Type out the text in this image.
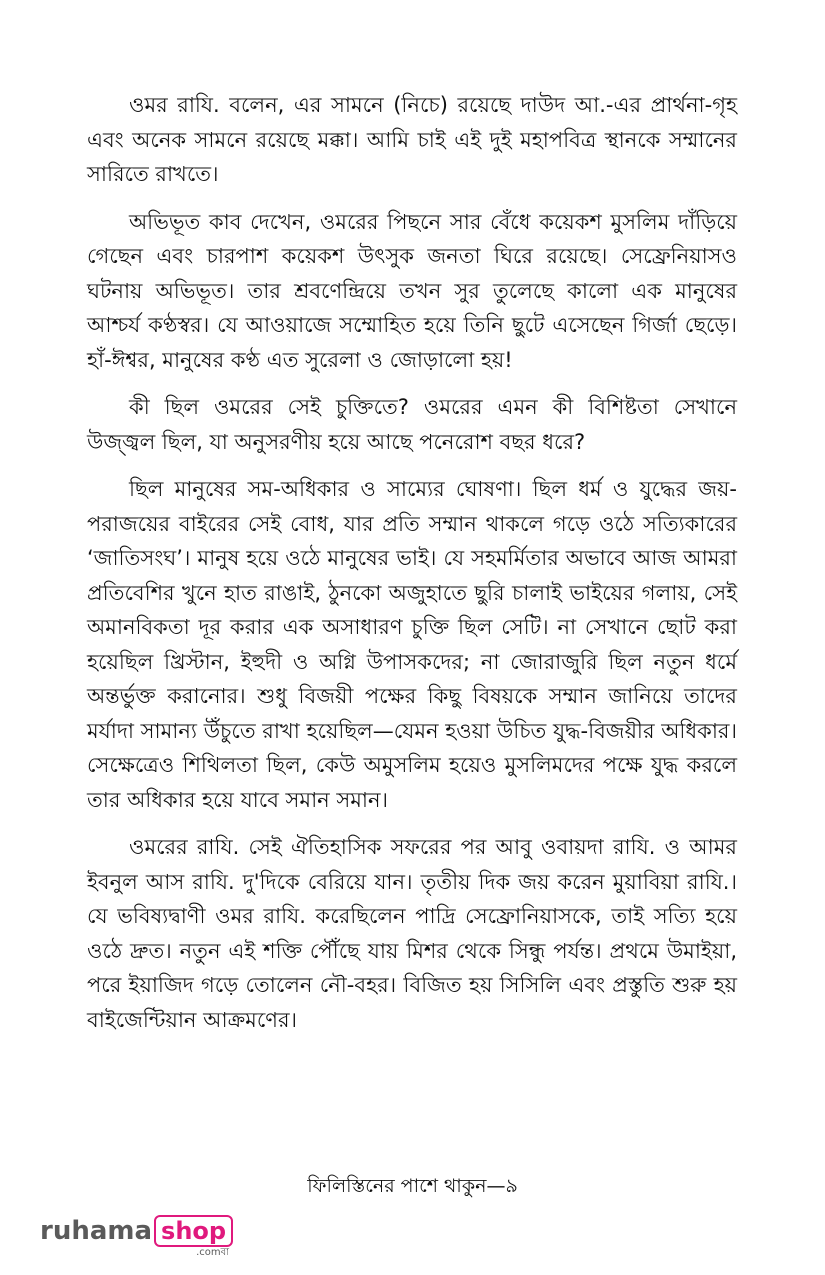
ওমর রাযি. বলেন, এর সামনে (নিচে) রয়েছে দাউদ আ.-এর প্রার্থনা-গৃহ এবং অনেক সামনে রয়েছে মক্কা। আমি চাই এই দুই মহাপবিত্র স্থানকে সম্মানের সারিতে রাখতে।

অভিভূত কাব দেখেন, ওমরের পিছনে সার বেঁধে কয়েকশ মুসলিম দাঁড়িয়ে গেছেন এবং চারপাশ কয়েকশ উৎসুক জনতা ঘিরে রয়েছে। সেফ্রেনিয়াসও ঘটনায় অভিভূত। তার শ্রবণেন্দ্রিয়ে তখন সুর তুলেছে কালো এক মানুষের আশ্চর্য কণ্ঠস্বর। যে আওয়াজে সম্মোহিত হয়ে তিনি ছুটে এসেছেন গির্জা ছেড়ে। হাঁ-ঈশ্বর, মানুষের কণ্ঠ এত সুরেলা ও জোড়ালো হয়!

কী ছিল ওমরের সেই চুক্তিতে? ওমরের এমন কী বিশিষ্টতা সেখানে উজ্জ্বল ছিল, যা অনুসরণীয় হয়ে আছে পনেরোশ বছর ধরে?

ছিল মানুষের সম-অধিকার ও সাম্যের ঘোষণা। ছিল ধর্ম ও যুদ্ধের জয়-পরাজয়ের বাইরের সেই বোধ, যার প্রতি সম্মান থাকলে গড়ে ওঠে সত্যিকারের ‘জাতিসংঘ’। মানুষ হয়ে ওঠে মানুষের ভাই। যে সহমর্মিতার অভাবে আজ আমরা প্রতিবেশির খুনে হাত রাঙাই, ঠুনকো অজুহাতে ছুরি চালাই ভাইয়ের গলায়, সেই অমানবিকতা দূর করার এক অসাধারণ চুক্তি ছিল সেটি। না সেখানে ছোট করা হয়েছিল খ্রিস্টান, ইহুদী ও অগ্নি উপাসকদের; না জোরাজুরি ছিল নতুন ধর্মে অন্তর্ভুক্ত করানোর। শুধু বিজয়ী পক্ষের কিছু বিষয়কে সম্মান জানিয়ে তাদের মর্যাদা সামান্য উঁচুতে রাখা হয়েছিল—যেমন হওয়া উচিত যুদ্ধ-বিজয়ীর অধিকার। সেক্ষেত্রেও শিথিলতা ছিল, কেউ অমুসলিম হয়েও মুসলিমদের পক্ষে যুদ্ধ করলে তার অধিকার হয়ে যাবে সমান সমান।

ওমরের রাযি. সেই ঐতিহাসিক সফরের পর আবু ওবায়দা রাযি. ও আমর ইবনুল আস রাযি. দু'দিকে বেরিয়ে যান। তৃতীয় দিক জয় করেন মুয়াবিয়া রাযি.। যে ভবিষ্যদ্বাণী ওমর রাযি. করেছিলেন পাদ্রি সেফ্রোনিয়াসকে, তাই সত্যি হয়ে ওঠে দ্রুত। নতুন এই শক্তি পৌঁছে যায় মিশর থেকে সিন্ধু পর্যন্ত। প্রথমে উমাইয়া, পরে ইয়াজিদ গড়ে তোলেন নৌ-বহর। বিজিত হয় সিসিলি এবং প্রস্তুতি শুরু হয় বাইজেন্টিয়ান আক্রমণের।

ফিলিস্তিনের পাশে থাকুন—৯
ruhama shop
.comবা
